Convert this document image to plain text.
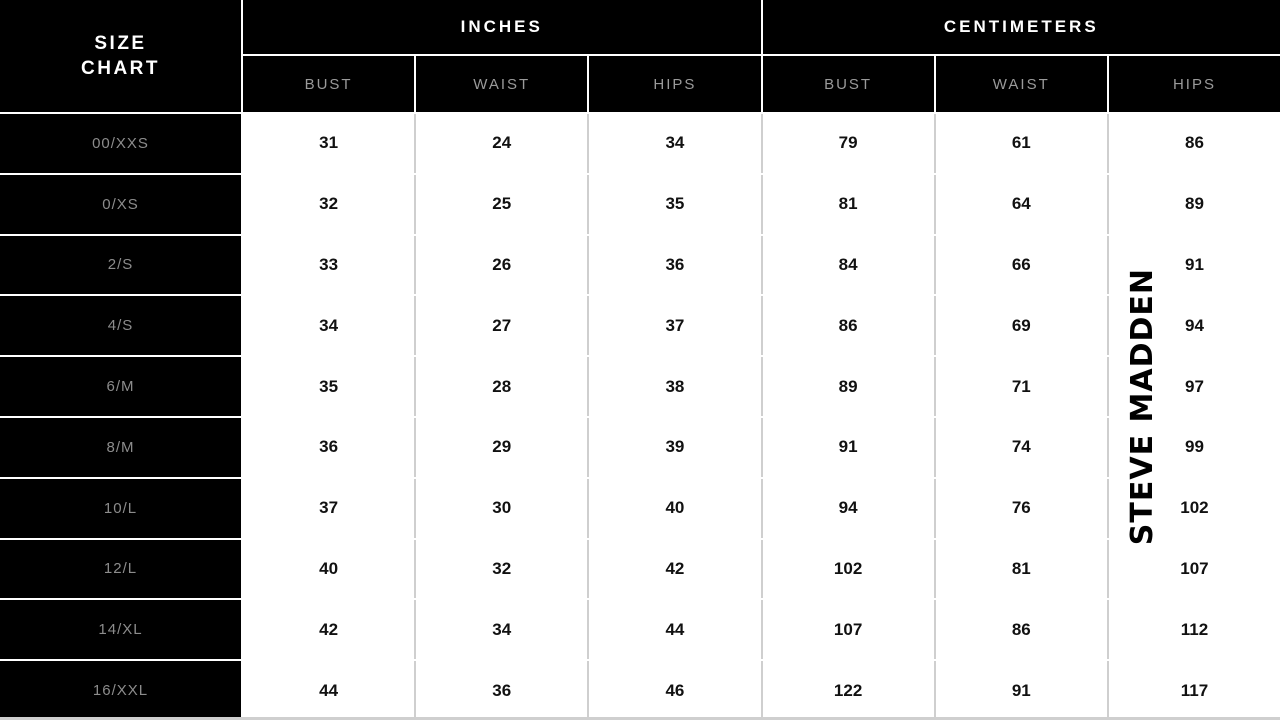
SIZE
CHART
INCHES	CENTIMETERS
BUST	WAIST	HIPS	BUST	WAIST	HIPS
00/XXS	31	24	34	79	61	86
0/XS	32	25	35	81	64	89
2/S	33	26	36	84	66	91
4/S	34	27	37	86	69	94
6/M	35	28	38	89	71	97
8/M	36	29	39	91	74	99
10/L	37	30	40	94	76	102
12/L	40	32	42	102	81	107
14/XL	42	34	44	107	86	112
16/XXL	44	36	46	122	91	117
STEVE MADDEN
